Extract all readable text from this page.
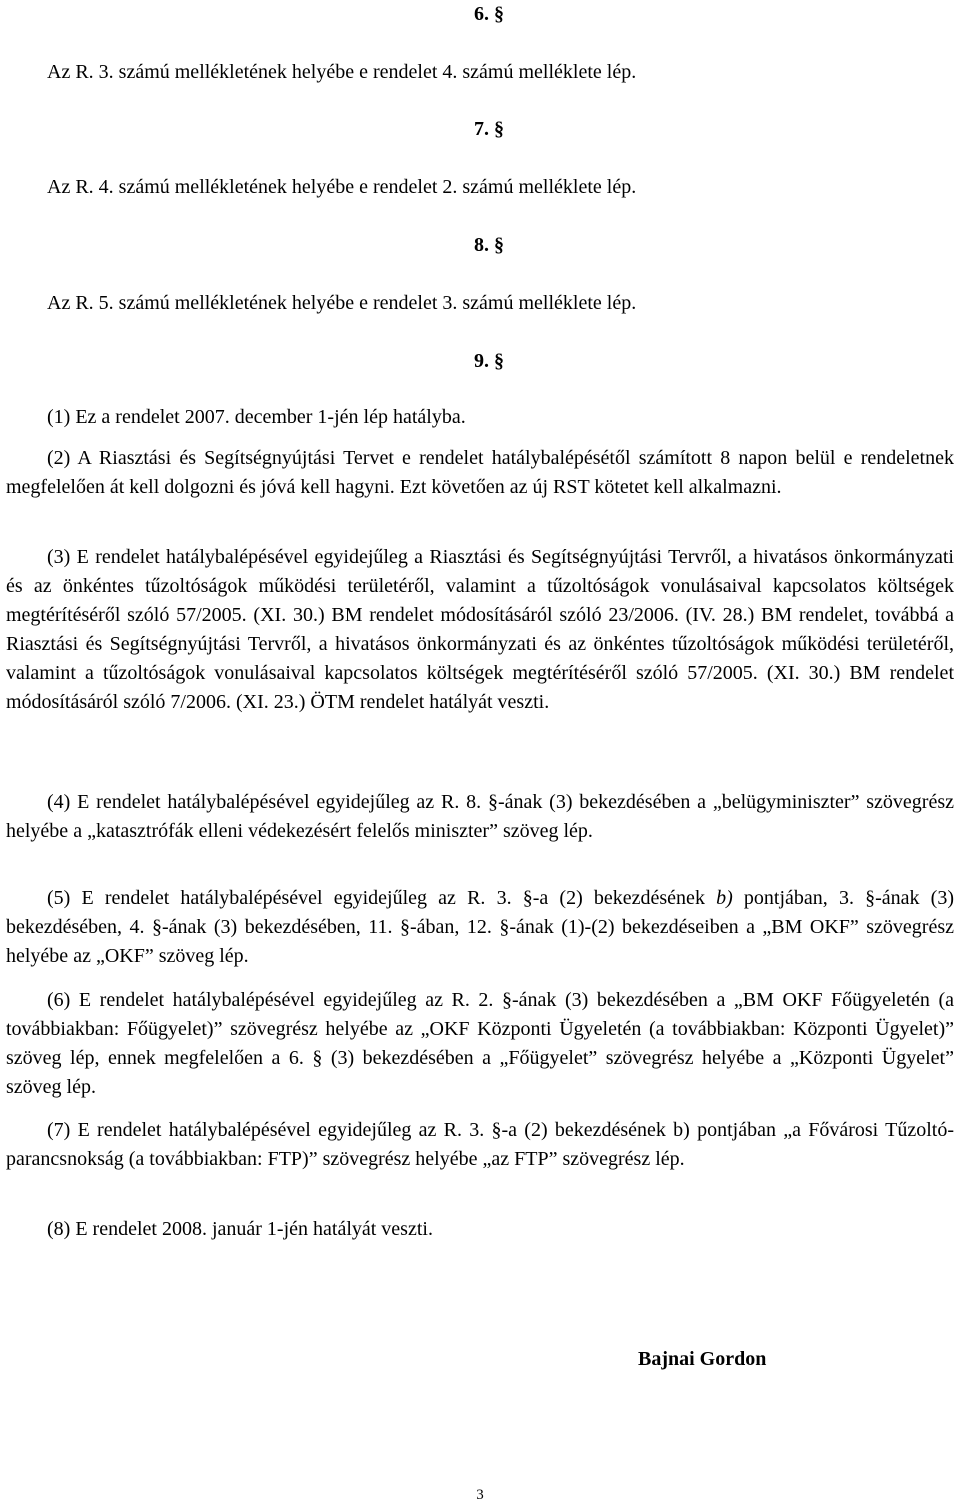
6. §
Az R. 3. számú mellékletének helyébe e rendelet 4. számú melléklete lép.
7. §
Az R. 4. számú mellékletének helyébe e rendelet 2. számú melléklete lép.
8. §
Az R. 5. számú mellékletének helyébe e rendelet 3. számú melléklete lép.
9. §
(1) Ez a rendelet 2007. december 1-jén lép hatályba.

(2) A Riasztási és Segítségnyújtási Tervet e rendelet hatálybalépésétől számított 8 napon belül e rendeletnek megfelelően át kell dolgozni és jóvá kell hagyni. Ezt követően az új RST kötetet kell alkalmazni.

(3) E rendelet hatálybalépésével egyidejűleg a Riasztási és Segítségnyújtási Tervről, a hivatásos önkormányzati és az önkéntes tűzoltóságok működési területéről, valamint a tűzoltóságok vonulásaival kapcsolatos költségek megtérítéséről szóló 57/2005. (XI. 30.) BM rendelet módosításáról szóló 23/2006. (IV. 28.) BM rendelet, továbbá a Riasztási és Segítségnyújtási Tervről, a hivatásos önkormányzati és az önkéntes tűzoltóságok működési területéről, valamint a tűzoltóságok vonulásaival kapcsolatos költségek megtérítéséről szóló 57/2005. (XI. 30.) BM rendelet módosításáról szóló 7/2006. (XI. 23.) ÖTM rendelet hatályát veszti.

(4) E rendelet hatálybalépésével egyidejűleg az R. 8. §-ának (3) bekezdésében a „belügyminiszter” szövegrész helyébe a „katasztrófák elleni védekezésért felelős miniszter” szöveg lép.

(5) E rendelet hatálybalépésével egyidejűleg az R. 3. §-a (2) bekezdésének b) pontjában, 3. §-ának (3) bekezdésében, 4. §-ának (3) bekezdésében, 11. §-ában, 12. §-ának (1)-(2) bekezdéseiben a „BM OKF” szövegrész helyébe az „OKF” szöveg lép.

(6) E rendelet hatálybalépésével egyidejűleg az R. 2. §-ának (3) bekezdésében a „BM OKF Főügyeletén (a továbbiakban: Főügyelet)” szövegrész helyébe az „OKF Központi Ügyeletén (a továbbiakban: Központi Ügyelet)” szöveg lép, ennek megfelelően a 6. § (3) bekezdésében a „Főügyelet” szövegrész helyébe a „Központi Ügyelet” szöveg lép.

(7) E rendelet hatálybalépésével egyidejűleg az R. 3. §-a (2) bekezdésének b) pontjában „a Fővárosi Tűzoltó-parancsnokság (a továbbiakban: FTP)” szövegrész helyébe „az FTP” szövegrész lép.

(8) E rendelet 2008. január 1-jén hatályát veszti.

Bajnai Gordon
3
